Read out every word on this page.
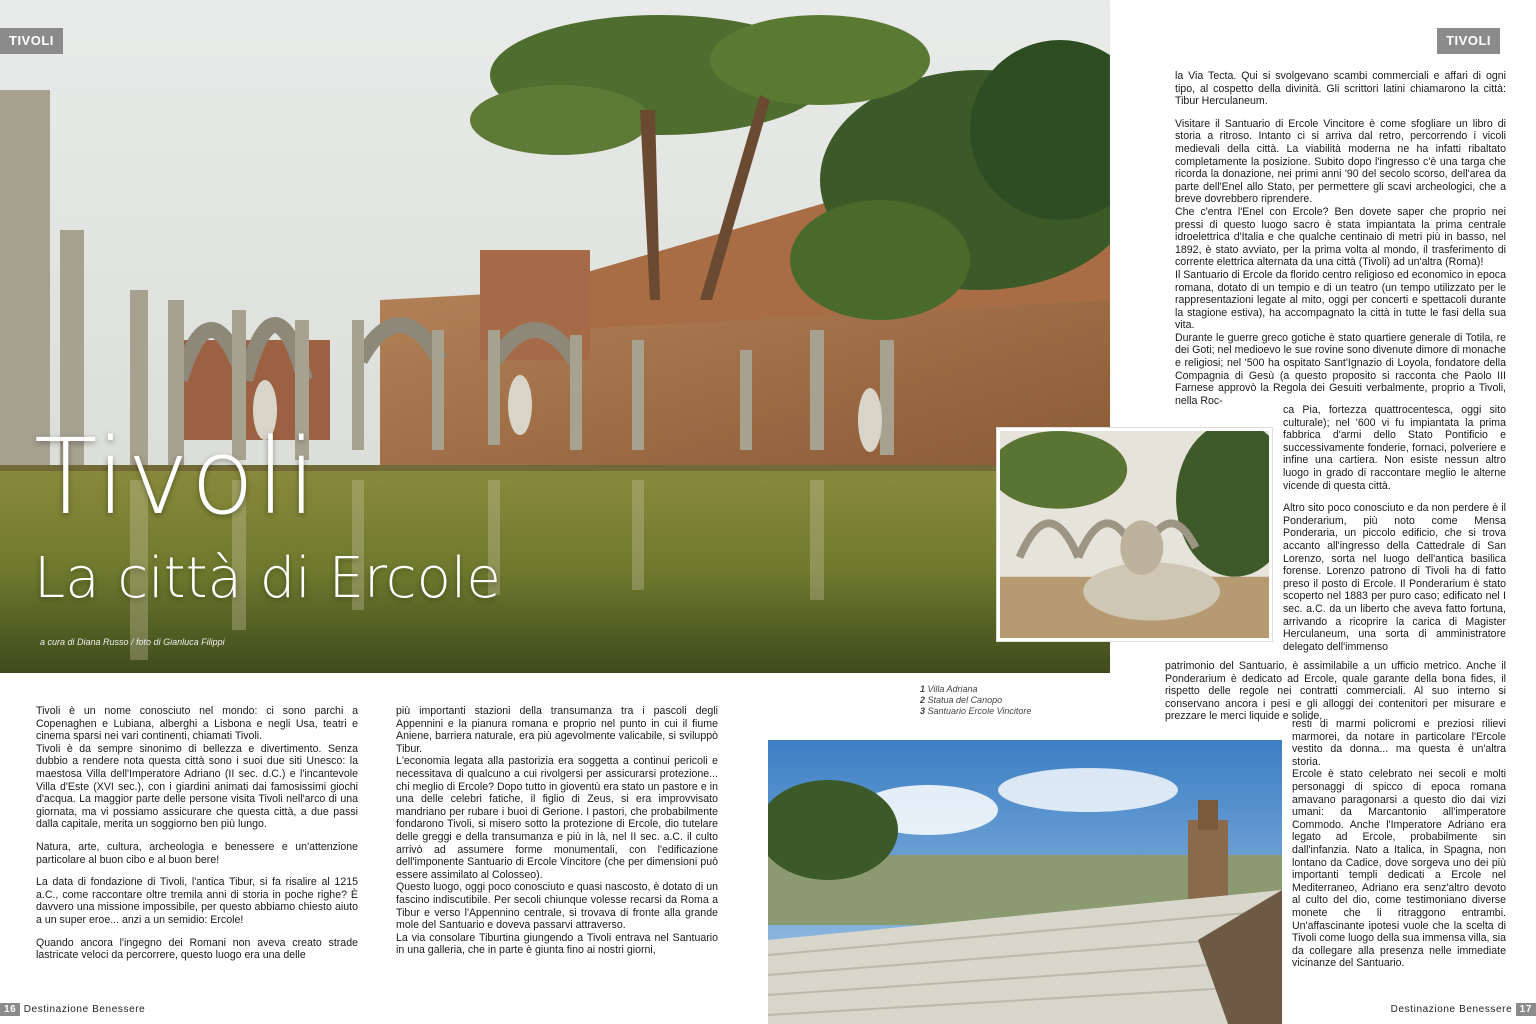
TIVOLI

Tivoli è un nome conosciuto nel mondo: ci sono parchi a Copenaghen e Lubiana, alberghi a Lisbona e negli Usa, teatri e cinema sparsi nei vari continenti, chiamati Tivoli.

Tivoli è da sempre sinonimo di bellezza e divertimento. Senza dubbio a rendere nota questa città sono i suoi due siti Unesco: la maestosa Villa dell'Imperatore Adriano (II sec. d.C.) e l'incantevole Villa d'Este (XVI sec.), con i giardini animati dai famosissimi giochi d'acqua. La maggior parte delle persone visita Tivoli nell'arco di una giornata, ma vi possiamo assicurare che questa città, a due passi dalla capitale, merita un soggiorno ben più lungo.

Natura, arte, cultura, archeologia e benessere e un'attenzione particolare al buon cibo e al buon bere!

La data di fondazione di Tivoli, l'antica Tibur, si fa risalire al 1215 a.C., come raccontare oltre tremila anni di storia in poche righe? È davvero una missione impossibile, per questo abbiamo chiesto aiuto a un super eroe... anzi a un semidio: Ercole!

Quando ancora l'ingegno dei Romani non aveva creato strade lastricate veloci da percorrere, questo luogo era una delle

più importanti stazioni della transumanza tra i pascoli degli Appennini e la pianura romana e proprio nel punto in cui il fiume Aniene, barriera naturale, era più agevolmente valicabile, si sviluppò Tibur.

L'economia legata alla pastorizia era soggetta a continui pericoli e necessitava di qualcuno a cui rivolgersi per assicurarsi protezione... chi meglio di Ercole? Dopo tutto in gioventù era stato un pastore e in una delle celebri fatiche, il figlio di Zeus, si era improvvisato mandriano per rubare i buoi di Gerione. I pastori, che probabilmente fondarono Tivoli, si misero sotto la protezione di Ercole, dio tutelare delle greggi e della transumanza e più in là, nel II sec. a.C. il culto arrivò ad assumere forme monumentali, con l'edificazione dell'imponente Santuario di Ercole Vincitore (che per dimensioni può essere assimilato al Colosseo).

Questo luogo, oggi poco conosciuto e quasi nascosto, è dotato di un fascino indiscutibile. Per secoli chiunque volesse recarsi da Roma a Tibur e verso l'Appennino centrale, si trovava di fronte alla grande mole del Santuario e doveva passarvi attraverso.

La via consolare Tiburtina giungendo a Tivoli entrava nel Santuario in una galleria, che in parte è giunta fino ai nostri giorni,

16 Destinazione Benessere
TIVOLI
Destinazione Benessere 17
Tivoli
La città di Ercole
a cura di Diana Russo / foto di Gianluca Filippi

la Via Tecta. Qui si svolgevano scambi commerciali e affari di ogni tipo, al cospetto della divinità. Gli scrittori latini chiamarono la città: Tibur Herculaneum.

Visitare il Santuario di Ercole Vincitore è come sfogliare un libro di storia a ritroso. Intanto ci si arriva dal retro, percorrendo i vicoli medievali della città. La viabilità moderna ne ha infatti ribaltato completamente la posizione. Subito dopo l'ingresso c'è una targa che ricorda la donazione, nei primi anni '90 del secolo scorso, dell'area da parte dell'Enel allo Stato, per permettere gli scavi archeologici, che a breve dovrebbero riprendere.

Che c'entra l'Enel con Ercole? Ben dovete saper che proprio nei pressi di questo luogo sacro è stata impiantata la prima centrale idroelettrica d'Italia e che qualche centinaio di metri più in basso, nel 1892, è stato avviato, per la prima volta al mondo, il trasferimento di corrente elettrica alternata da una città (Tivoli) ad un'altra (Roma)!

Il Santuario di Ercole da florido centro religioso ed economico in epoca romana, dotato di un tempio e di un teatro (un tempo utilizzato per le rappresentazioni legate al mito, oggi per concerti e spettacoli durante la stagione estiva), ha accompagnato la città in tutte le fasi della sua vita.

Durante le guerre greco gotiche è stato quartiere generale di Totila, re dei Goti; nel medioevo le sue rovine sono divenute dimore di monache e religiosi; nel '500 ha ospitato Sant'Ignazio di Loyola, fondatore della Compagnia di Gesù (a questo proposito si racconta che Paolo III Farnese approvò la Regola dei Gesuiti verbalmente, proprio a Tivoli, nella Roc-

ca Pia, fortezza quattrocentesca, oggi sito culturale); nel '600 vi fu impiantata la prima fabbrica d'armi dello Stato Pontificio e successivamente fonderie, fornaci, polveriere e infine una cartiera. Non esiste nessun altro luogo in grado di raccontare meglio le alterne vicende di questa città.

Altro sito poco conosciuto e da non perdere è il Ponderarium, più noto come Mensa Ponderaria, un piccolo edificio, che si trova accanto all'ingresso della Cattedrale di San Lorenzo, sorta nel luogo dell'antica basilica forense. Lorenzo patrono di Tivoli ha di fatto preso il posto di Ercole. Il Ponderarium è stato scoperto nel 1883 per puro caso; edificato nel I sec. a.C. da un liberto che aveva fatto fortuna, arrivando a ricoprire la carica di Magister Herculaneum, una sorta di amministratore delegato dell'immenso

1 Villa Adriana
2 Statua del Canopo
3 Santuario Ercole Vincitore

patrimonio del Santuario, è assimilabile a un ufficio metrico. Anche il Ponderarium è dedicato ad Ercole, quale garante della bona fides, il rispetto delle regole nei contratti commerciali. Al suo interno si conservano ancora i pesi e gli alloggi dei contenitori per misurare e prezzare le merci liquide e solide,

resti di marmi policromi e preziosi rilievi marmorei, da notare in particolare l'Ercole vestito da donna... ma questa è un'altra storia.

Ercole è stato celebrato nei secoli e molti personaggi di spicco di epoca romana amavano paragonarsi a questo dio dai vizi umani: da Marcantonio all'imperatore Commodo. Anche l'Imperatore Adriano era legato ad Ercole, probabilmente sin dall'infanzia. Nato a Italica, in Spagna, non lontano da Cadice, dove sorgeva uno dei più importanti templi dedicati a Ercole nel Mediterraneo, Adriano era senz'altro devoto al culto del dio, come testimoniano diverse monete che li ritraggono entrambi. Un'affascinante ipotesi vuole che la scelta di Tivoli come luogo della sua immensa villa, sia da collegare alla presenza nelle immediate vicinanze del Santuario.
